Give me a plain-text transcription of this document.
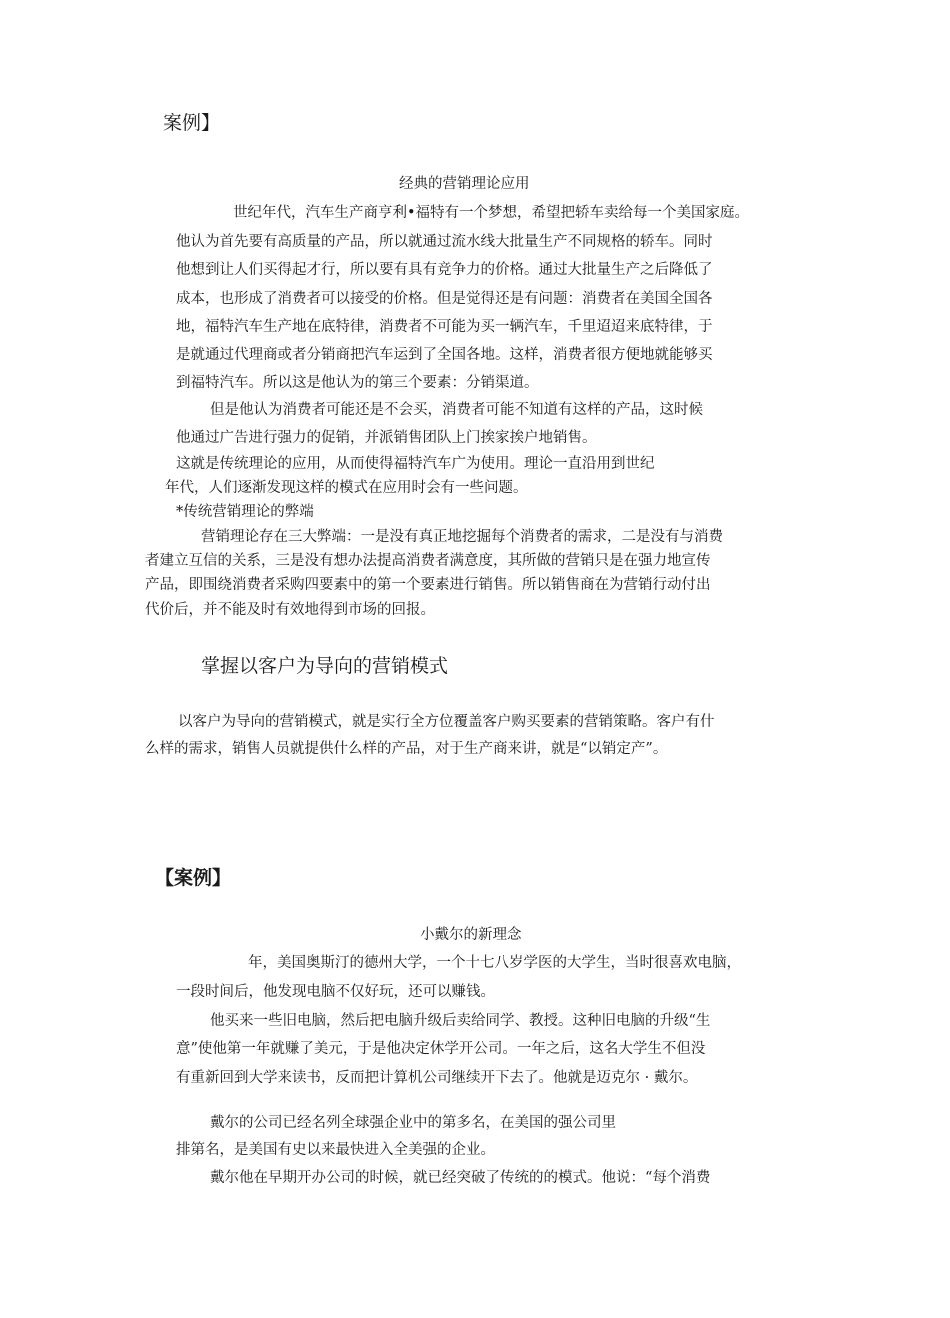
案例】
经典的营销理论应用
世纪年代，汽车生产商亨利•福特有一个梦想，希望把轿车卖给每一个美国家庭。
他认为首先要有高质量的产品，所以就通过流水线大批量生产不同规格的轿车。同时
他想到让人们买得起才行，所以要有具有竞争力的价格。通过大批量生产之后降低了
成本，也形成了消费者可以接受的价格。但是觉得还是有问题：消费者在美国全国各
地，福特汽车生产地在底特律，消费者不可能为买一辆汽车，千里迢迢来底特律，于
是就通过代理商或者分销商把汽车运到了全国各地。这样，消费者很方便地就能够买
到福特汽车。所以这是他认为的第三个要素：分销渠道。
但是他认为消费者可能还是不会买，消费者可能不知道有这样的产品，这时候
他通过广告进行强力的促销，并派销售团队上门挨家挨户地销售。
这就是传统理论的应用，从而使得福特汽车广为使用。理论一直沿用到世纪
年代，人们逐渐发现这样的模式在应用时会有一些问题。
*传统营销理论的弊端
营销理论存在三大弊端：一是没有真正地挖掘每个消费者的需求，二是没有与消费
者建立互信的关系，三是没有想办法提高消费者满意度，其所做的营销只是在强力地宣传
产品，即围绕消费者采购四要素中的第一个要素进行销售。所以销售商在为营销行动付出
代价后，并不能及时有效地得到市场的回报。
掌握以客户为导向的营销模式
以客户为导向的营销模式，就是实行全方位覆盖客户购买要素的营销策略。客户有什
么样的需求，销售人员就提供什么样的产品，对于生产商来讲，就是“以销定产”。
【案例】
小戴尔的新理念
年，美国奥斯汀的德州大学，一个十七八岁学医的大学生，当时很喜欢电脑，
一段时间后，他发现电脑不仅好玩，还可以赚钱。
他买来一些旧电脑，然后把电脑升级后卖给同学、教授。这种旧电脑的升级“生
意”使他第一年就赚了美元，于是他决定休学开公司。一年之后，这名大学生不但没
有重新回到大学来读书，反而把计算机公司继续开下去了。他就是迈克尔 · 戴尔。
戴尔的公司已经名列全球强企业中的第多名，在美国的强公司里
排第名，是美国有史以来最快进入全美强的企业。
戴尔他在早期开办公司的时候，就已经突破了传统的的模式。他说：“每个消费
